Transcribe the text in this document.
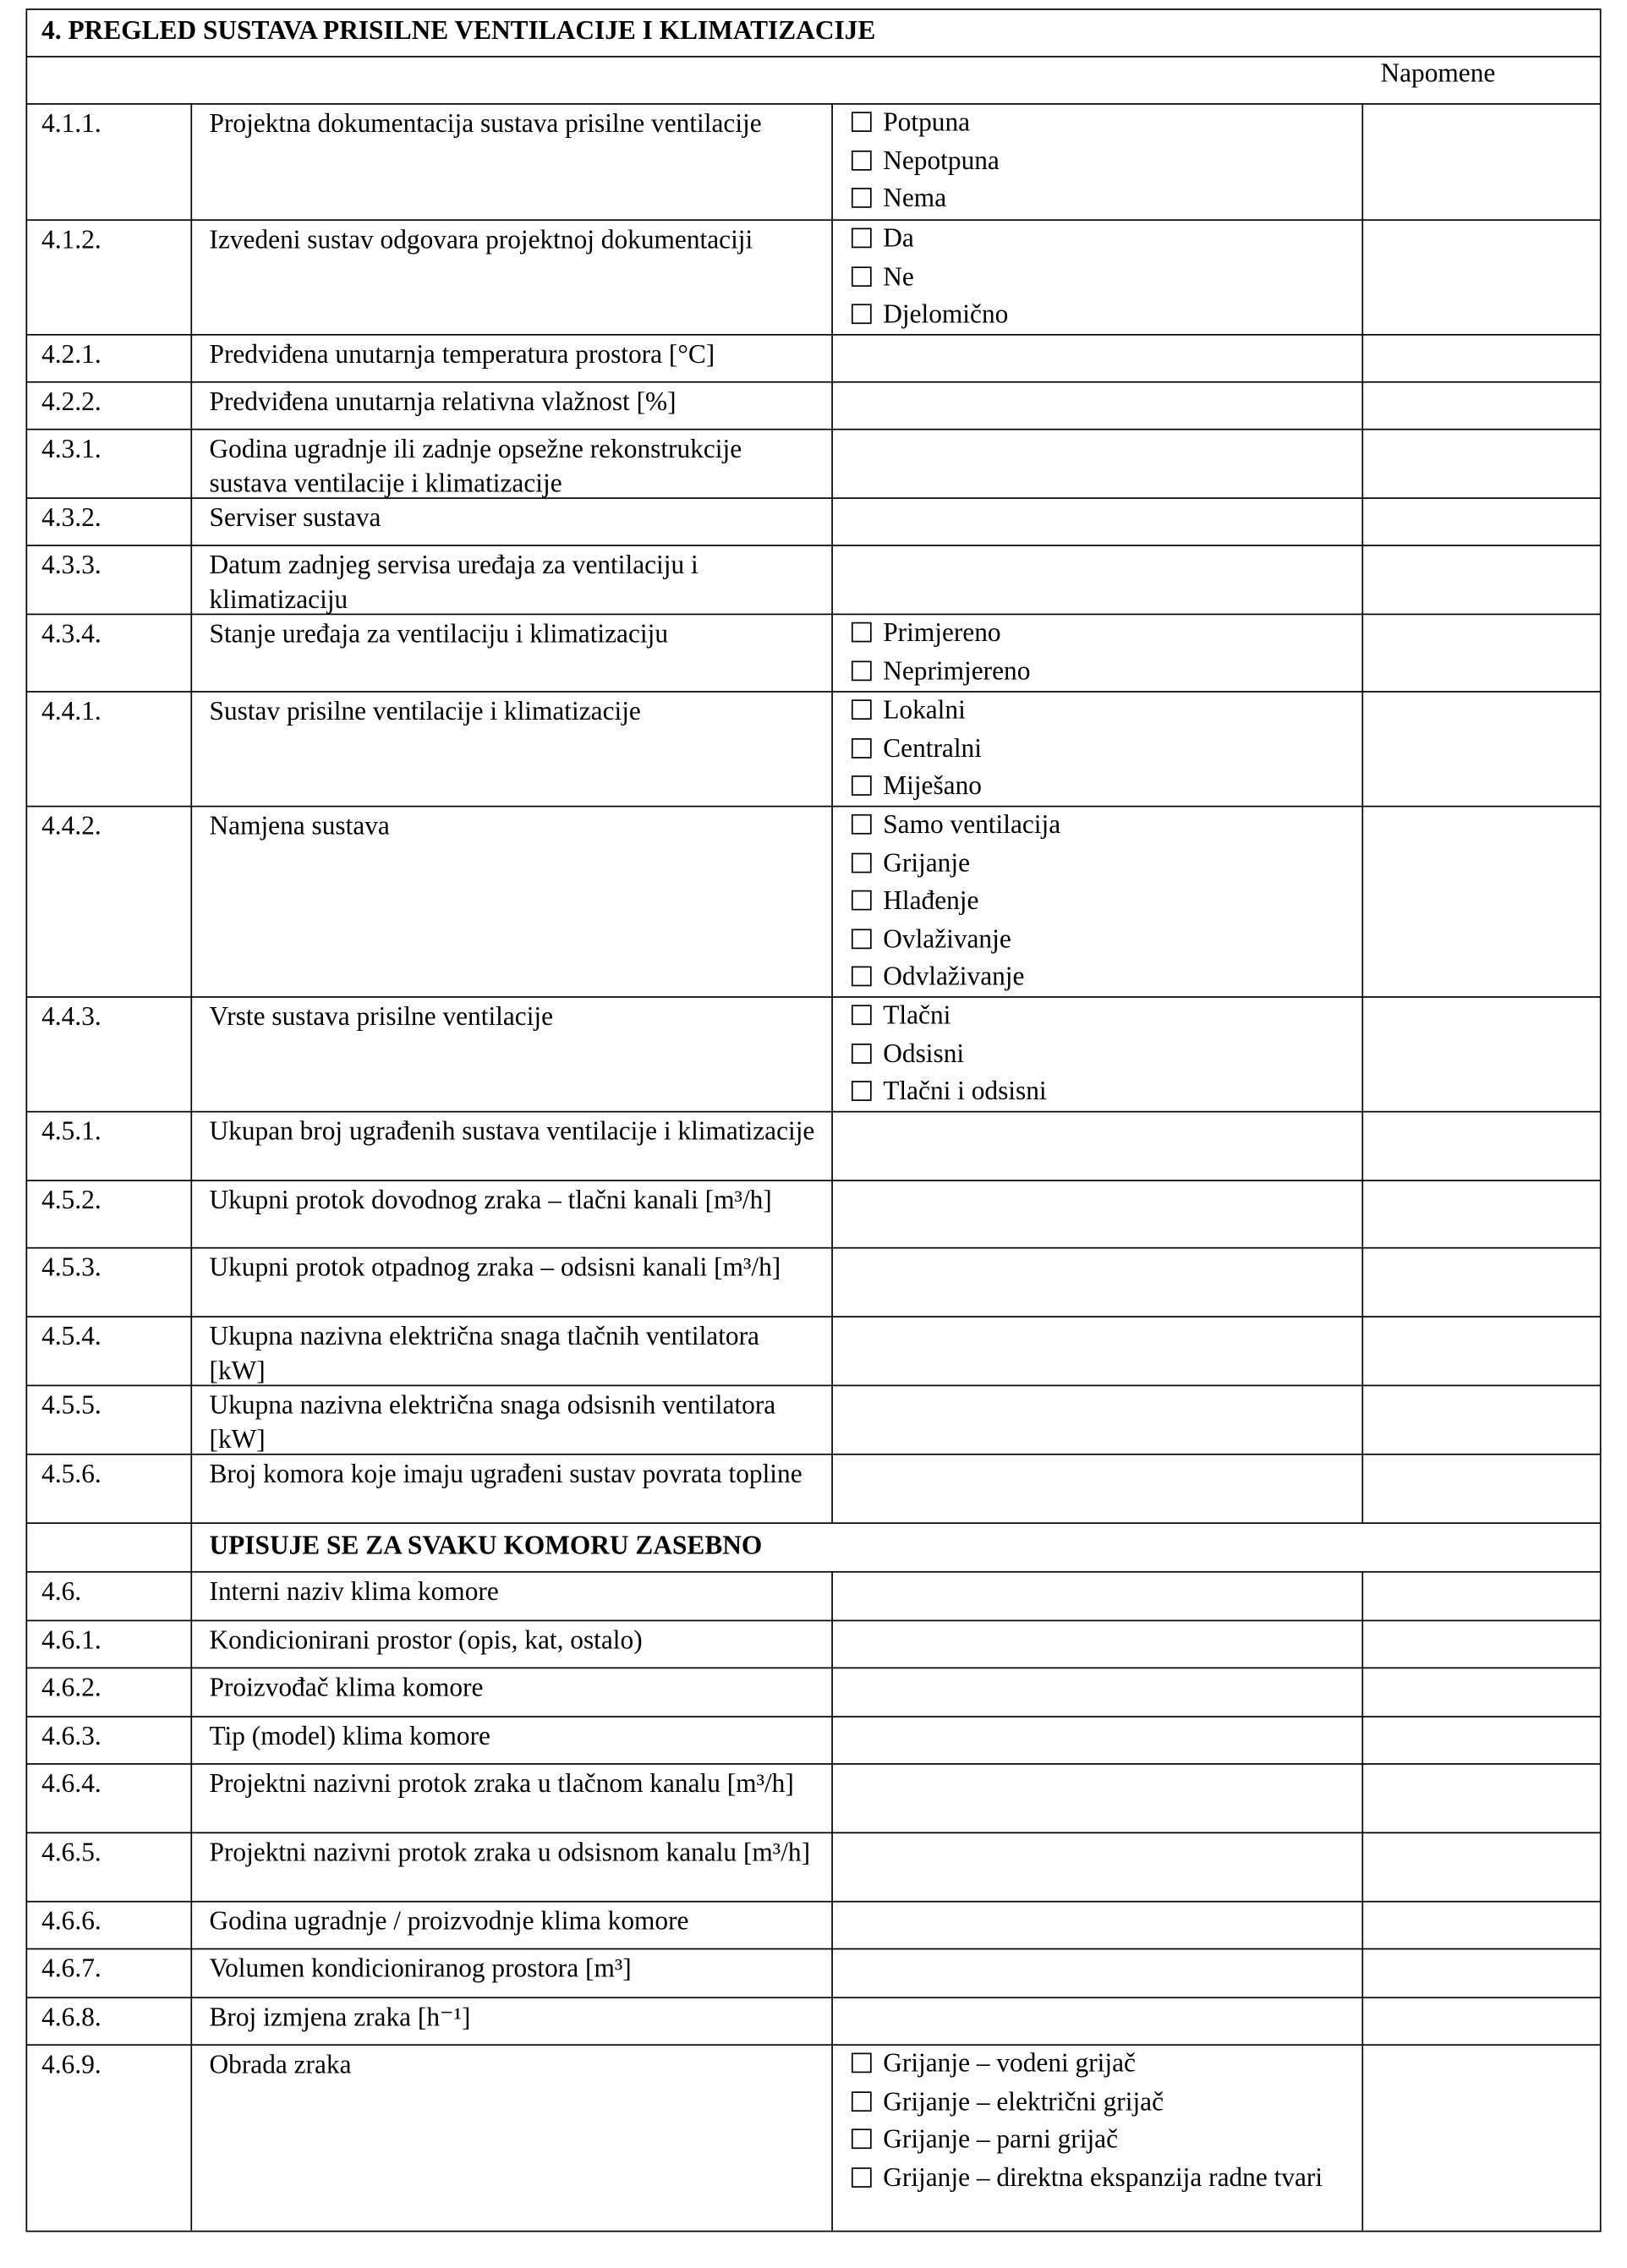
4. PREGLED SUSTAVA PRISILNE VENTILACIJE I KLIMATIZACIJE
Napomene
4.1.1.	Projektna dokumentacija sustava prisilne ventilacije	Potpuna
Nepotpuna
Nema
4.1.2.	Izvedeni sustav odgovara projektnoj dokumentaciji	Da
Ne
Djelomično
4.2.1.	Predviđena unutarnja temperatura prostora [°C]
4.2.2.	Predviđena unutarnja relativna vlažnost [%]
4.3.1.	Godina ugradnje ili zadnje opsežne rekonstrukcije sustava ventilacije i klimatizacije
4.3.2.	Serviser sustava
4.3.3.	Datum zadnjeg servisa uređaja za ventilaciju i klimatizaciju
4.3.4.	Stanje uređaja za ventilaciju i klimatizaciju	Primjereno
Neprimjereno
4.4.1.	Sustav prisilne ventilacije i klimatizacije	Lokalni
Centralni
Miješano
4.4.2.	Namjena sustava	Samo ventilacija
Grijanje
Hlađenje
Ovlaživanje
Odvlaživanje
4.4.3.	Vrste sustava prisilne ventilacije	Tlačni
Odsisni
Tlačni i odsisni
4.5.1.	Ukupan broj ugrađenih sustava ventilacije i klimatizacije
4.5.2.	Ukupni protok dovodnog zraka – tlačni kanali [m³/h]
4.5.3.	Ukupni protok otpadnog zraka – odsisni kanali [m³/h]
4.5.4.	Ukupna nazivna električna snaga tlačnih ventilatora [kW]
4.5.5.	Ukupna nazivna električna snaga odsisnih ventilatora [kW]
4.5.6.	Broj komora koje imaju ugrađeni sustav povrata topline
UPISUJE SE ZA SVAKU KOMORU ZASEBNO
4.6.	Interni naziv klima komore
4.6.1.	Kondicionirani prostor (opis, kat, ostalo)
4.6.2.	Proizvođač klima komore
4.6.3.	Tip (model) klima komore
4.6.4.	Projektni nazivni protok zraka u tlačnom kanalu [m³/h]
4.6.5.	Projektni nazivni protok zraka u odsisnom kanalu [m³/h]
4.6.6.	Godina ugradnje / proizvodnje klima komore
4.6.7.	Volumen kondicioniranog prostora [m³]
4.6.8.	Broj izmjena zraka [h⁻¹]
4.6.9.	Obrada zraka	Grijanje – vodeni grijač
Grijanje – električni grijač
Grijanje – parni grijač
Grijanje – direktna ekspanzija radne tvari
